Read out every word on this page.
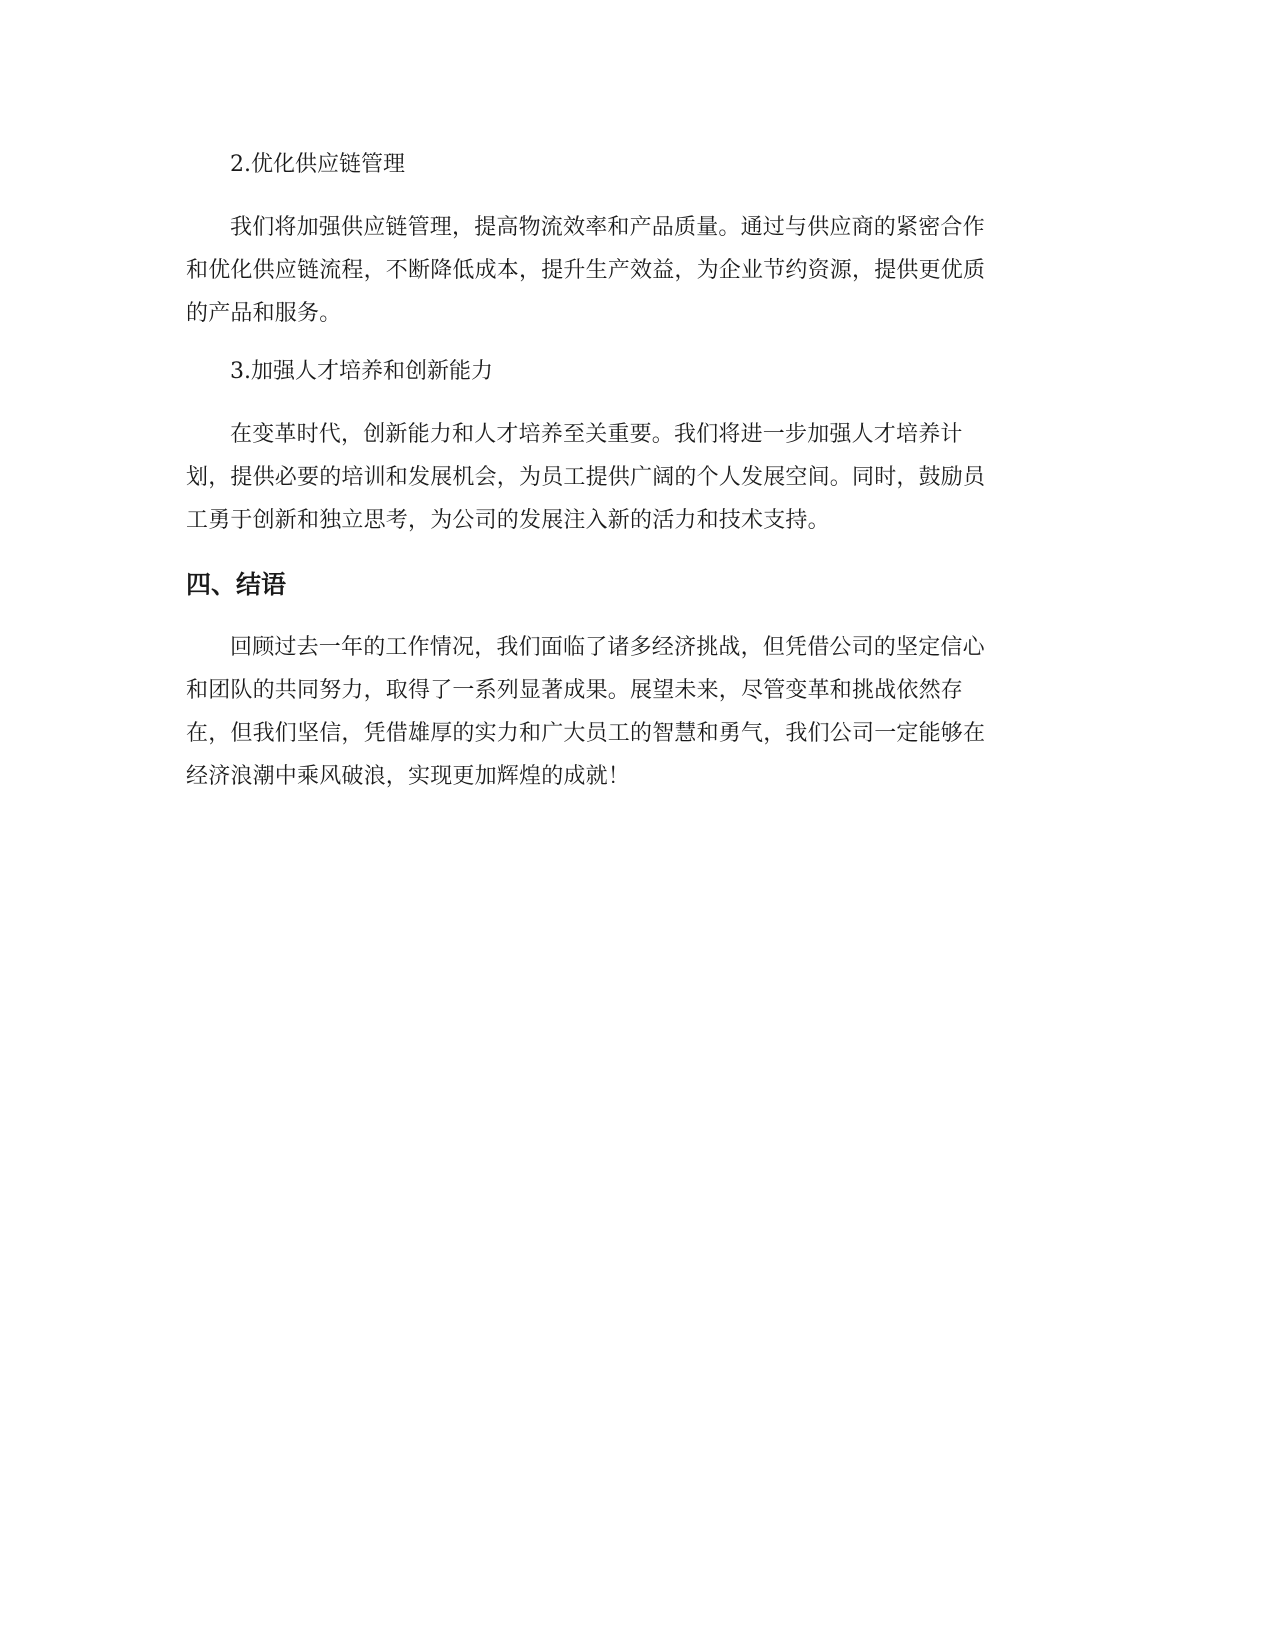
2.优化供应链管理
我们将加强供应链管理，提高物流效率和产品质量。通过与供应商的紧密合作
和优化供应链流程，不断降低成本，提升生产效益，为企业节约资源，提供更优质
的产品和服务。
3.加强人才培养和创新能力
在变革时代，创新能力和人才培养至关重要。我们将进一步加强人才培养计
划，提供必要的培训和发展机会，为员工提供广阔的个人发展空间。同时，鼓励员
工勇于创新和独立思考，为公司的发展注入新的活力和技术支持。
四、结语
回顾过去一年的工作情况，我们面临了诸多经济挑战，但凭借公司的坚定信心
和团队的共同努力，取得了一系列显著成果。展望未来，尽管变革和挑战依然存
在，但我们坚信，凭借雄厚的实力和广大员工的智慧和勇气，我们公司一定能够在
经济浪潮中乘风破浪，实现更加辉煌的成就！
